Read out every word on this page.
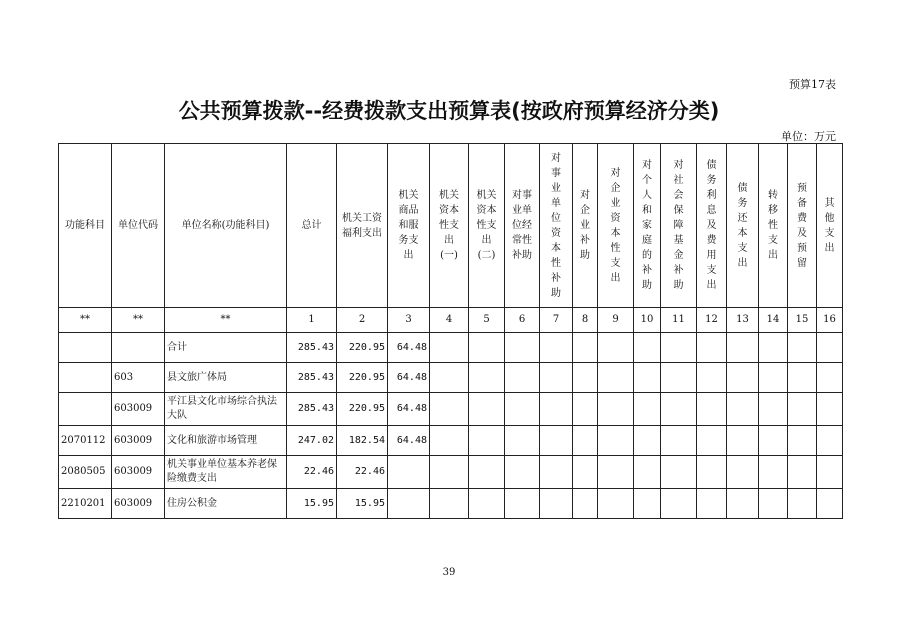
预算17表
公共预算拨款--经费拨款支出预算表(按政府预算经济分类)
单位：万元
功能科目	单位代码	单位名称(功能科目)	总计	机关工资福利支出	机关商品和服务支出	机关资本性支出(一)	机关资本性支出(二)	对事业单位经常性补助	对事业单位资本性补助	对企业补助	对企业资本性支出	对个人和家庭的补助	对社会保障基金补助	债务利息及费用支出	债务还本支出	转移性支出	预备费及预留	其他支出

**	**	**	1	2	3	4	5	6	7	8	9	10	11	12	13	14	15	16
		合计	285.43	220.95	64.48													
	603	县文旅广体局	285.43	220.95	64.48													
	603009	平江县文化市场综合执法大队	285.43	220.95	64.48													
2070112	603009	文化和旅游市场管理	247.02	182.54	64.48													
2080505	603009	机关事业单位基本养老保险缴费支出	22.46	22.46														
2210201	603009	住房公积金	15.95	15.95														
39
